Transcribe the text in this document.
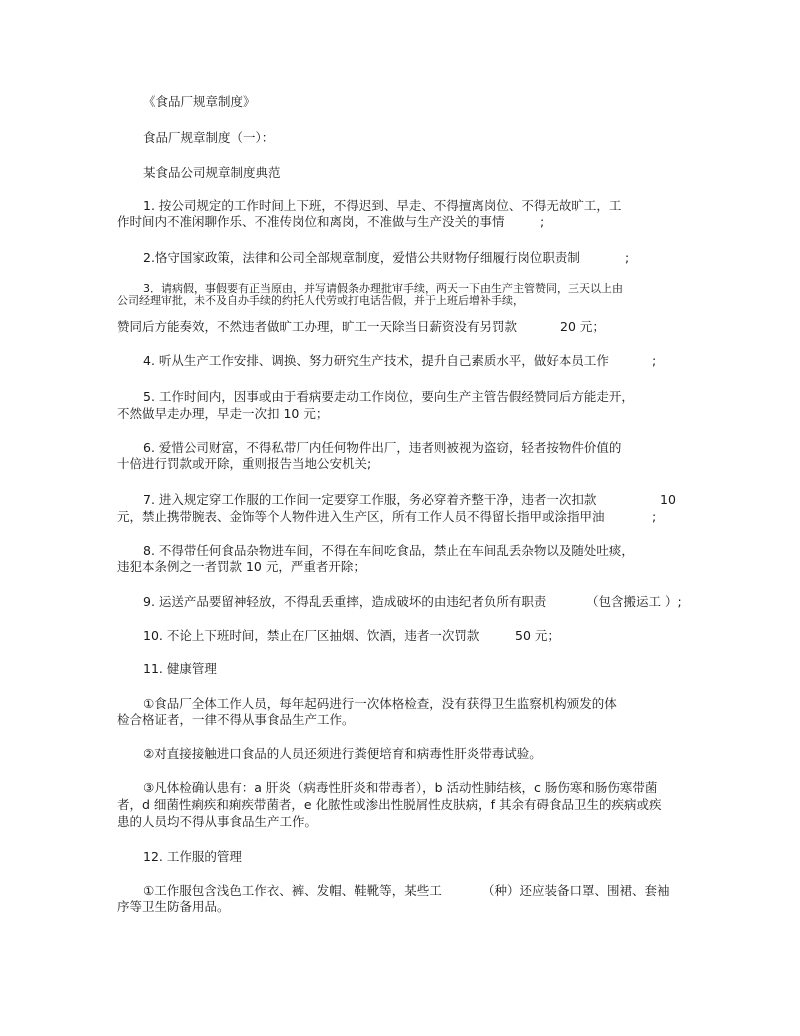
《食品厂规章制度》
食品厂规章制度（一）：
某食品公司规章制度典范
1. 按公司规定的工作时间上下班，不得迟到、早走、不得擅离岗位、不得无故旷工，工
作时间内不准闲聊作乐、不准传岗位和离岗，不准做与生产没关的事情	;
2.恪守国家政策，法律和公司全部规章制度，爱惜公共财物仔细履行岗位职责制	;
3．请病假，事假要有正当原由，并写请假条办理批审手续，两天一下由生产主管赞同，三天以上由
公司经理审批，未不及自办手续的约托人代劳或打电话告假，并于上班后增补手续，
赞同后方能奏效，不然违者做旷工办理，旷工一天除当日薪资没有另罚款	20 元；
4. 听从生产工作安排、调换、努力研究生产技术，提升自己素质水平，做好本员工作	;
5. 工作时间内，因事或由于看病要走动工作岗位，要向生产主管告假经赞同后方能走开，
不然做早走办理，早走一次扣 10 元；
6. 爱惜公司财富，不得私带厂内任何物件出厂，违者则被视为盗窃，轻者按物件价值的
十倍进行罚款或开除，重则报告当地公安机关;
7. 进入规定穿工作服的工作间一定要穿工作服，务必穿着齐整干净，违者一次扣款	10
元，禁止携带腕表、金饰等个人物件进入生产区，所有工作人员不得留长指甲或涂指甲油	;
8. 不得带任何食品杂物进车间，不得在车间吃食品，禁止在车间乱丢杂物以及随处吐痰，
违犯本条例之一者罚款 10 元，严重者开除；
9. 运送产品要留神轻放，不得乱丢重摔，造成破坏的由违纪者负所有职责	（包含搬运工 ）;
10. 不论上下班时间，禁止在厂区抽烟、饮酒，违者一次罚款	50 元；
11. 健康管理
①食品厂全体工作人员，每年起码进行一次体格检查，没有获得卫生监察机构颁发的体
检合格证者，一律不得从事食品生产工作。
②对直接接触进口食品的人员还须进行粪便培育和病毒性肝炎带毒试验。
③凡体检确认患有：a 肝炎（病毒性肝炎和带毒者），b 活动性肺结核，c 肠伤寒和肠伤寒带菌
者，d 细菌性痢疾和痢疾带菌者，e 化脓性或渗出性脱屑性皮肤病，f 其余有碍食品卫生的疾病或疾
患的人员均不得从事食品生产工作。
12. 工作服的管理
①工作服包含浅色工作衣、裤、发帽、鞋靴等，某些工	（种）还应装备口罩、围裙、套袖
序等卫生防备用品。
